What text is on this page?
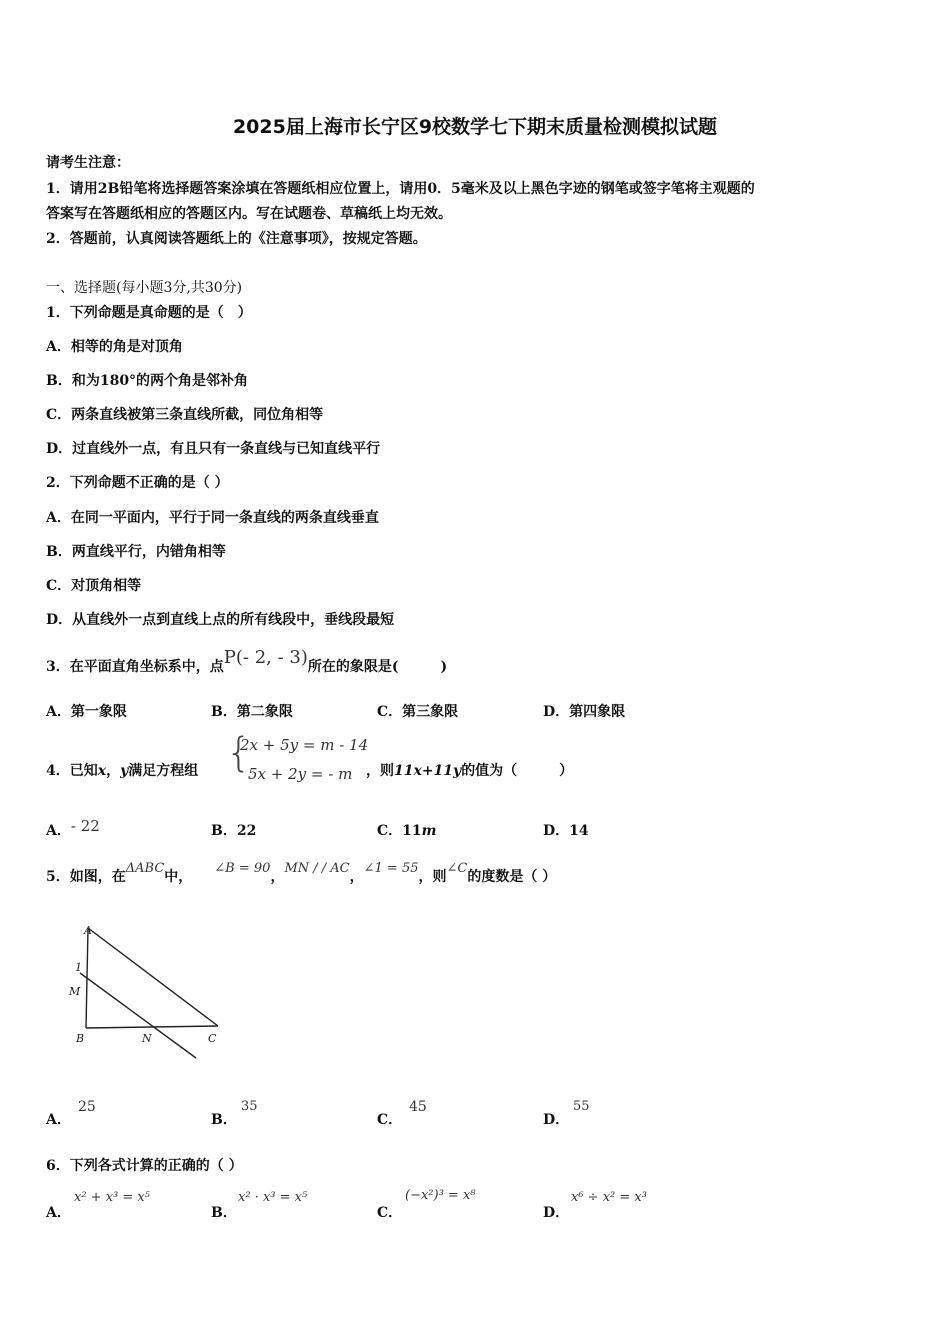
2025届上海市长宁区9校数学七下期末质量检测模拟试题
请考生注意：
1．请用2B铅笔将选择题答案涂填在答题纸相应位置上，请用0．5毫米及以上黑色字迹的钢笔或签字笔将主观题的
答案写在答题纸相应的答题区内。写在试题卷、草稿纸上均无效。
2．答题前，认真阅读答题纸上的《注意事项》，按规定答题。
一、选择题(每小题3分,共30分)
1．下列命题是真命题的是（　）
A．相等的角是对顶角
B．和为180°的两个角是邻补角
C．两条直线被第三条直线所截，同位角相等
D．过直线外一点，有且只有一条直线与已知直线平行
2．下列命题不正确的是（ ）
A．在同一平面内，平行于同一条直线的两条直线垂直
B．两直线平行，内错角相等
C．对顶角相等
D．从直线外一点到直线上点的所有线段中，垂线段最短
3．在平面直角坐标系中，点P(- 2, - 3)所在的象限是(　　　)
A．第一象限	B．第二象限	C．第三象限	D．第四象限
4．已知x，y满足方程组 {
2x + 5y = m - 14
5x + 2y = - m ，则11x+11y的值为（　　　）
A．- 22	B．22	C．11m	D．14
5．如图，在ΔABC中，∠B = 90，MN / / AC，∠1 = 55，则∠C的度数是（ ）
A
1
M
B	N	C
A．
25
B．
35
C．
45
D．
55
6．下列各式计算的正确的（ ）
A．
x² + x³ = x⁵
B．
x² · x³ = x⁵
C．
(−x²)³ = x⁸
D．
x⁶ ÷ x² = x³
